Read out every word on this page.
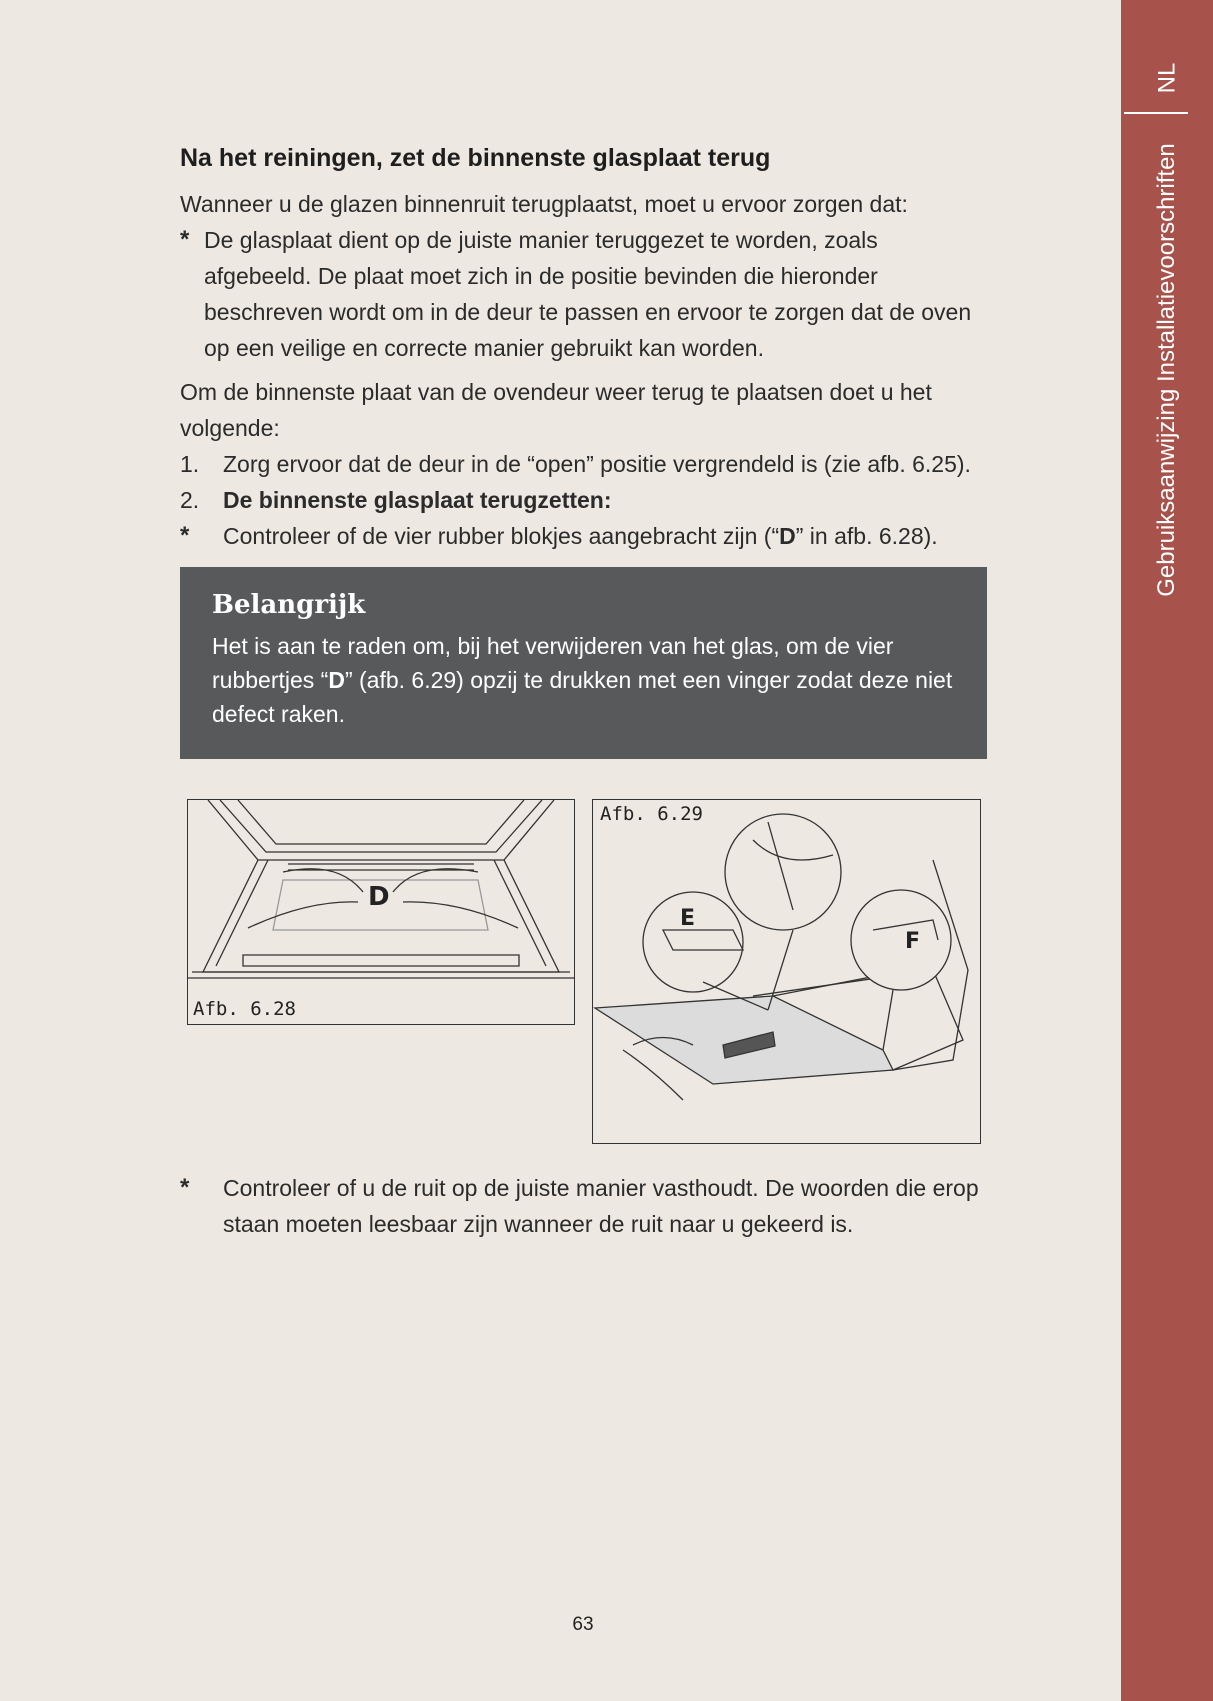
NL
Gebruiksaanwijzing Installatievoorschriften
Na het reiningen, zet de binnenste glasplaat terug

Wanneer u de glazen binnenruit terugplaatst, moet u ervoor zorgen dat:

* De glasplaat dient op de juiste manier teruggezet te worden, zoals afgebeeld. De plaat moet zich in de positie bevinden die hieronder beschreven wordt om in de deur te passen en ervoor te zorgen dat de oven op een veilige en correcte manier gebruikt kan worden.

Om de binnenste plaat van de ovendeur weer terug te plaatsen doet u het volgende:

1.	Zorg ervoor dat de deur in de “open” positie vergrendeld is (zie afb. 6.25).
2.	De binnenste glasplaat terugzetten:
*	Controleer of de vier rubber blokjes aangebracht zijn (“D” in afb. 6.28).
Belangrijk
Het is aan te raden om, bij het verwijderen van het glas, om de vier rubbertjes “D” (afb. 6.29) opzij te drukken met een vinger zodat deze niet defect raken.
D
Afb. 6.28
E
F
Afb. 6.29
*	Controleer of u de ruit op de juiste manier vasthoudt. De woorden die erop staan moeten leesbaar zijn wanneer de ruit naar u gekeerd is.
63
